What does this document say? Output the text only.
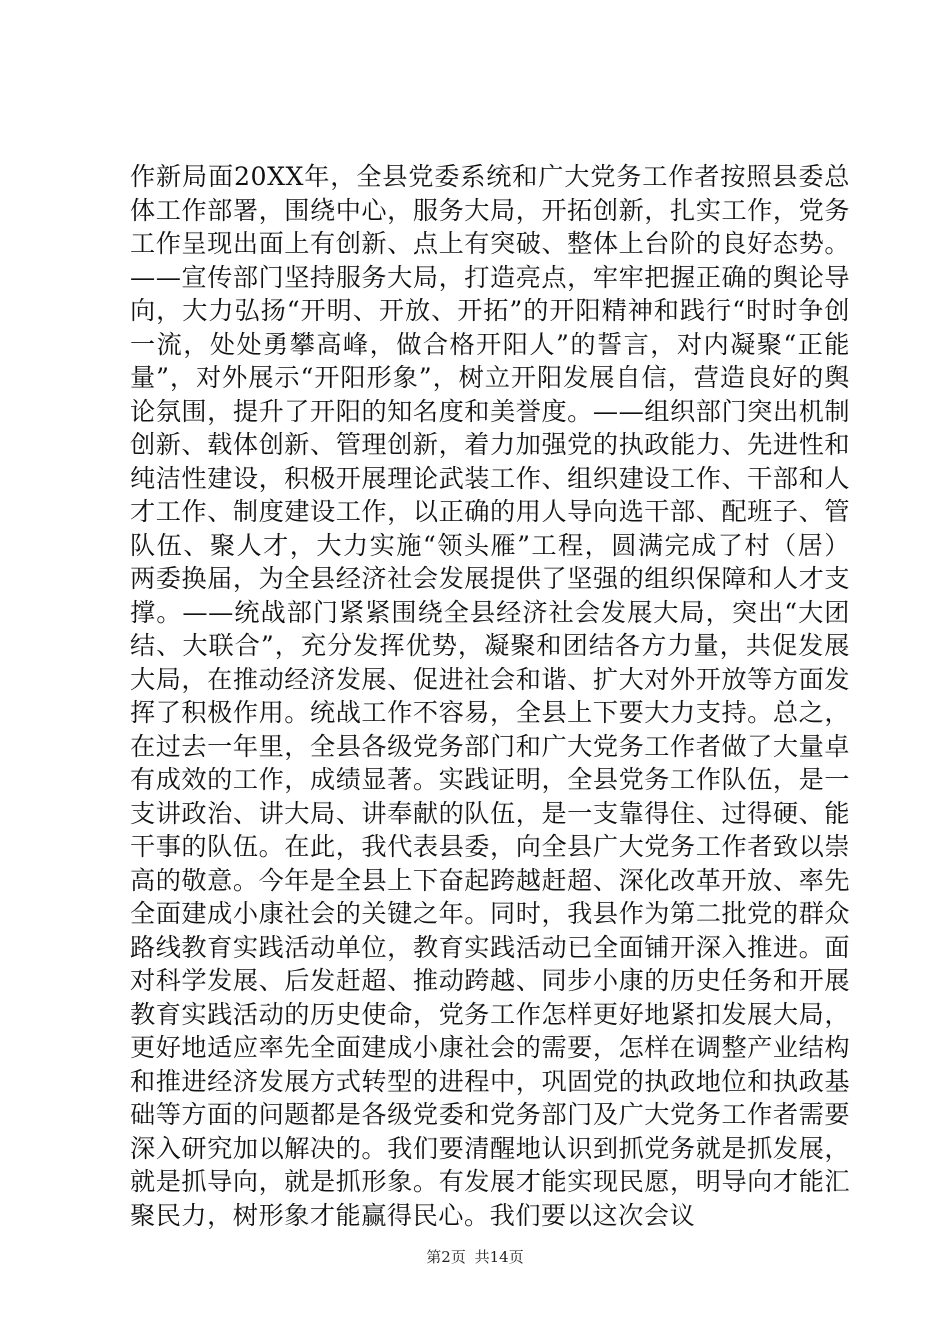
作新局面20XX年，全县党委系统和广大党务工作者按照县委总体工作部署，围绕中心，服务大局，开拓创新，扎实工作，党务工作呈现出面上有创新、点上有突破、整体上台阶的良好态势。——宣传部门坚持服务大局，打造亮点，牢牢把握正确的舆论导向，大力弘扬“开明、开放、开拓”的开阳精神和践行“时时争创一流，处处勇攀高峰，做合格开阳人”的誓言，对内凝聚“正能量”，对外展示“开阳形象”，树立开阳发展自信，营造良好的舆论氛围，提升了开阳的知名度和美誉度。——组织部门突出机制创新、载体创新、管理创新，着力加强党的执政能力、先进性和纯洁性建设，积极开展理论武装工作、组织建设工作、干部和人才工作、制度建设工作，以正确的用人导向选干部、配班子、管队伍、聚人才，大力实施“领头雁”工程，圆满完成了村（居）两委换届，为全县经济社会发展提供了坚强的组织保障和人才支撑。——统战部门紧紧围绕全县经济社会发展大局，突出“大团结、大联合”，充分发挥优势，凝聚和团结各方力量，共促发展大局，在推动经济发展、促进社会和谐、扩大对外开放等方面发挥了积极作用。统战工作不容易，全县上下要大力支持。总之，在过去一年里，全县各级党务部门和广大党务工作者做了大量卓有成效的工作，成绩显著。实践证明，全县党务工作队伍，是一支讲政治、讲大局、讲奉献的队伍，是一支靠得住、过得硬、能干事的队伍。在此，我代表县委，向全县广大党务工作者致以崇高的敬意。今年是全县上下奋起跨越赶超、深化改革开放、率先全面建成小康社会的关键之年。同时，我县作为第二批党的群众路线教育实践活动单位，教育实践活动已全面铺开深入推进。面对科学发展、后发赶超、推动跨越、同步小康的历史任务和开展教育实践活动的历史使命，党务工作怎样更好地紧扣发展大局，更好地适应率先全面建成小康社会的需要，怎样在调整产业结构和推进经济发展方式转型的进程中，巩固党的执政地位和执政基础等方面的问题都是各级党委和党务部门及广大党务工作者需要深入研究加以解决的。我们要清醒地认识到抓党务就是抓发展，就是抓导向，就是抓形象。有发展才能实现民愿，明导向才能汇聚民力，树形象才能赢得民心。我们要以这次会议

第2页 共14页
